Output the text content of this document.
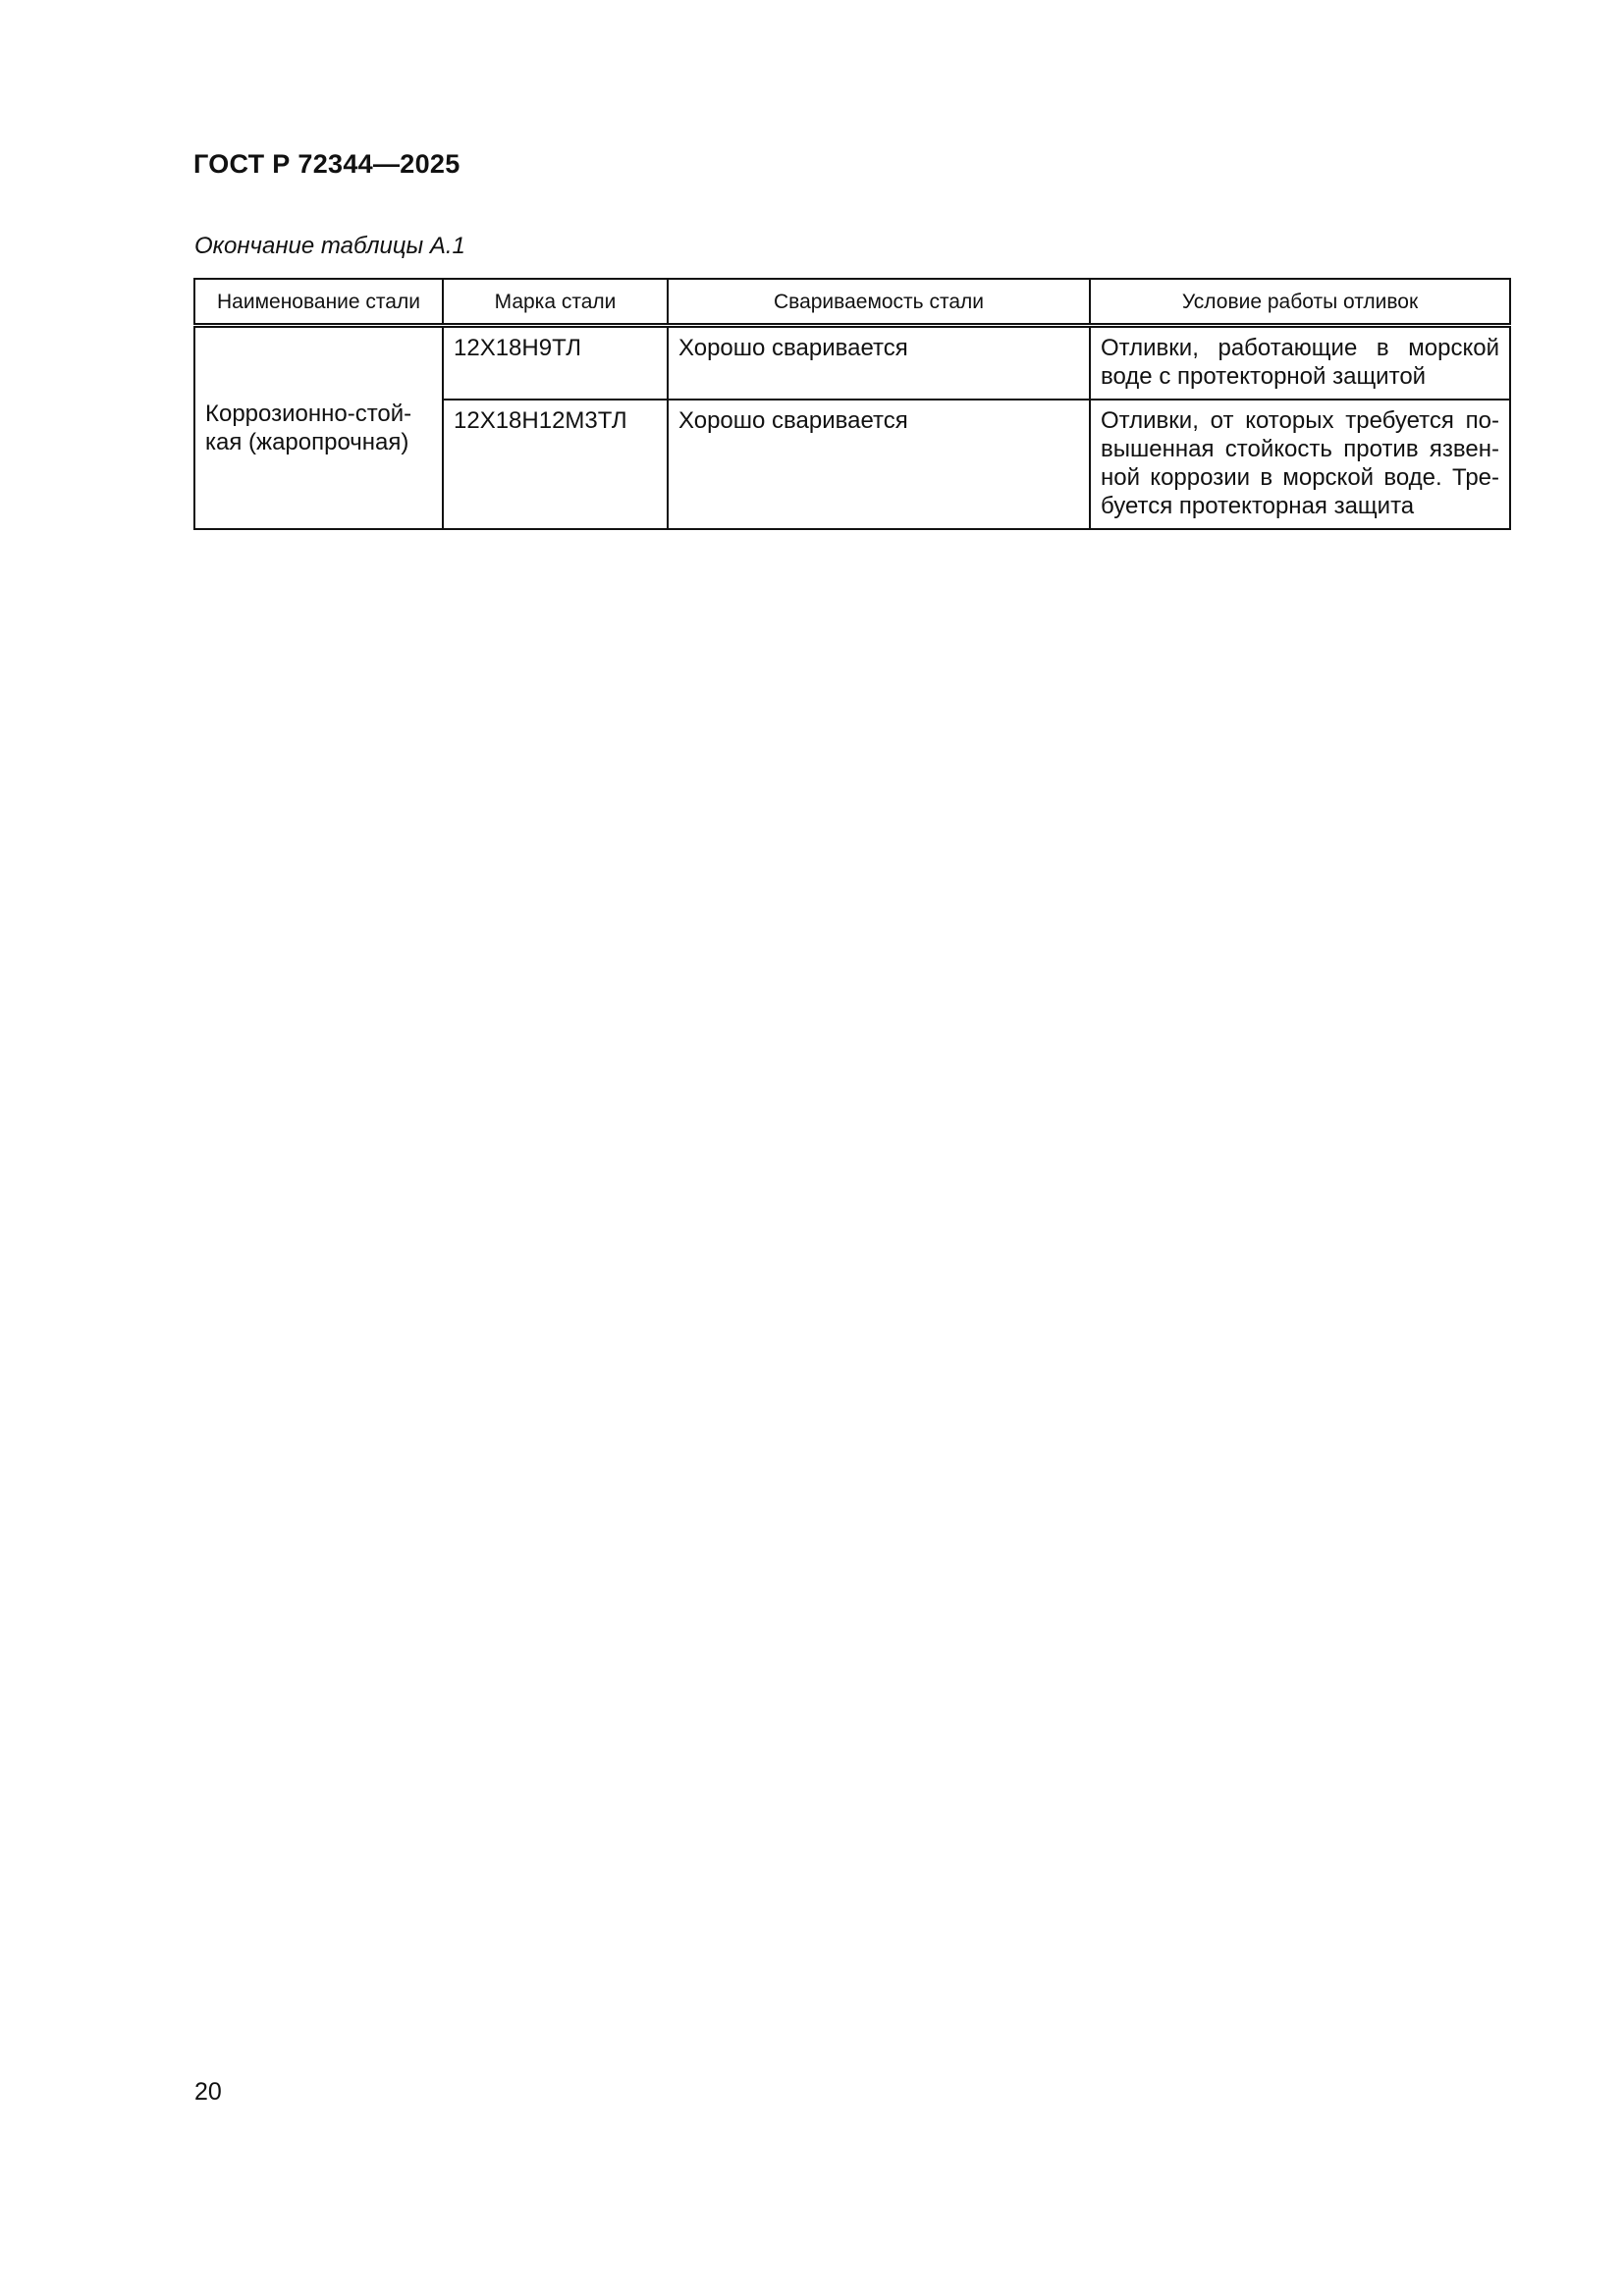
ГОСТ Р 72344—2025
Окончание таблицы А.1
Наименование стали	Марка стали	Свариваемость стали	Условие работы отливок

Коррозионно-стой-кая (жаропрочная)	12Х18Н9ТЛ	Хорошо сваривается	Отливки, работающие в морской воде с протекторной защитой

	12Х18Н12М3ТЛ	Хорошо сваривается	Отливки, от которых требуется по-вышенная стойкость против язвен-ной коррозии в морской воде. Тре-буется протекторная защита
20
